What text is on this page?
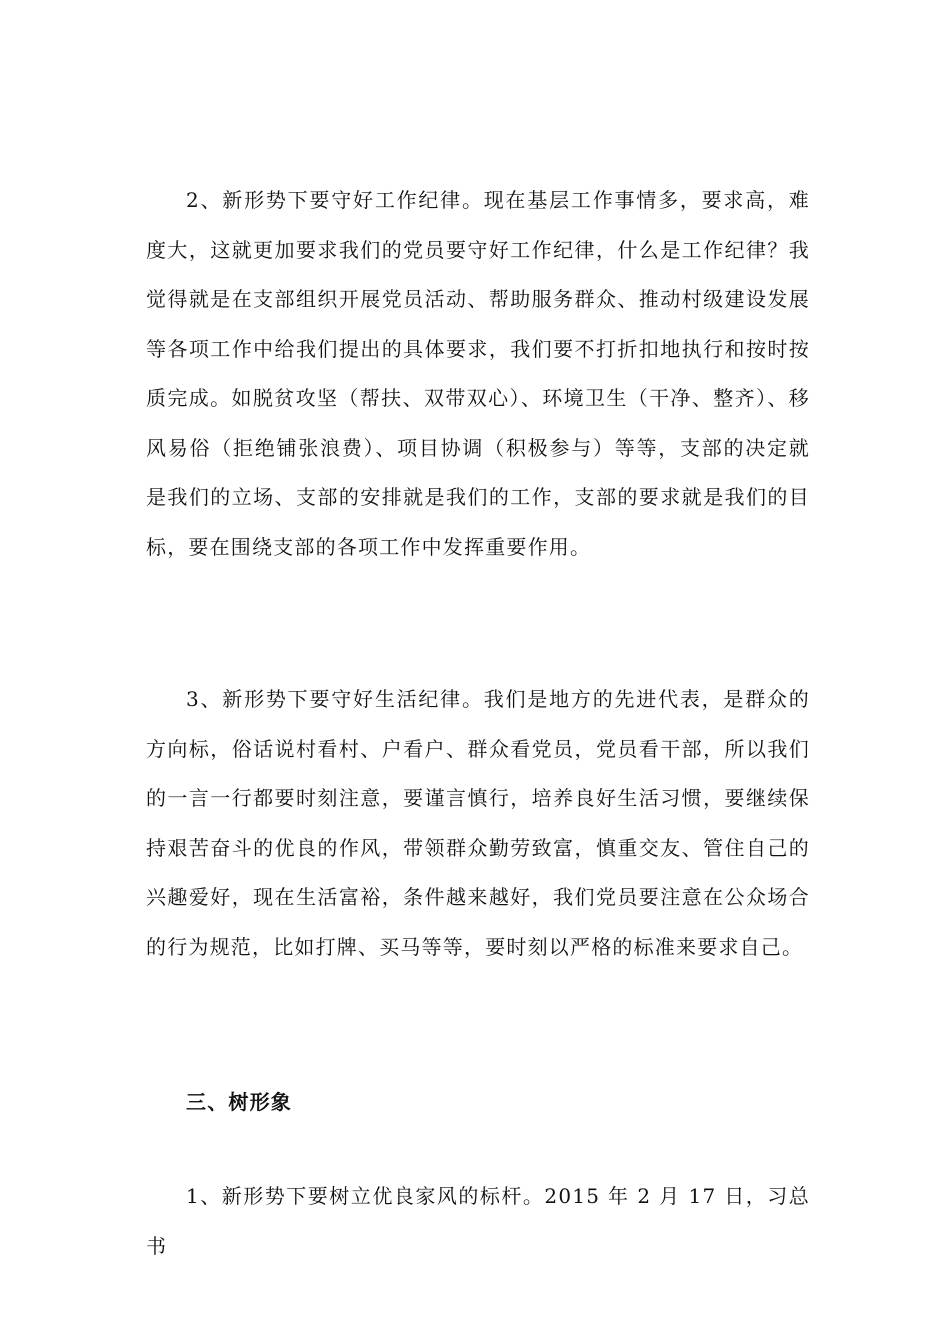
2、新形势下要守好工作纪律。现在基层工作事情多，要求高，难度大，这就更加要求我们的党员要守好工作纪律，什么是工作纪律？我觉得就是在支部组织开展党员活动、帮助服务群众、推动村级建设发展等各项工作中给我们提出的具体要求，我们要不打折扣地执行和按时按质完成。如脱贫攻坚（帮扶、双带双心）、环境卫生（干净、整齐）、移风易俗（拒绝铺张浪费）、项目协调（积极参与）等等，支部的决定就是我们的立场、支部的安排就是我们的工作，支部的要求就是我们的目标，要在围绕支部的各项工作中发挥重要作用。

3、新形势下要守好生活纪律。我们是地方的先进代表，是群众的方向标，俗话说村看村、户看户、群众看党员，党员看干部，所以我们的一言一行都要时刻注意，要谨言慎行，培养良好生活习惯，要继续保持艰苦奋斗的优良的作风，带领群众勤劳致富，慎重交友、管住自己的兴趣爱好，现在生活富裕，条件越来越好，我们党员要注意在公众场合的行为规范，比如打牌、买马等等，要时刻以严格的标准来要求自己。

三、树形象

1、新形势下要树立优良家风的标杆。2015 年 2 月 17 日，习总书
